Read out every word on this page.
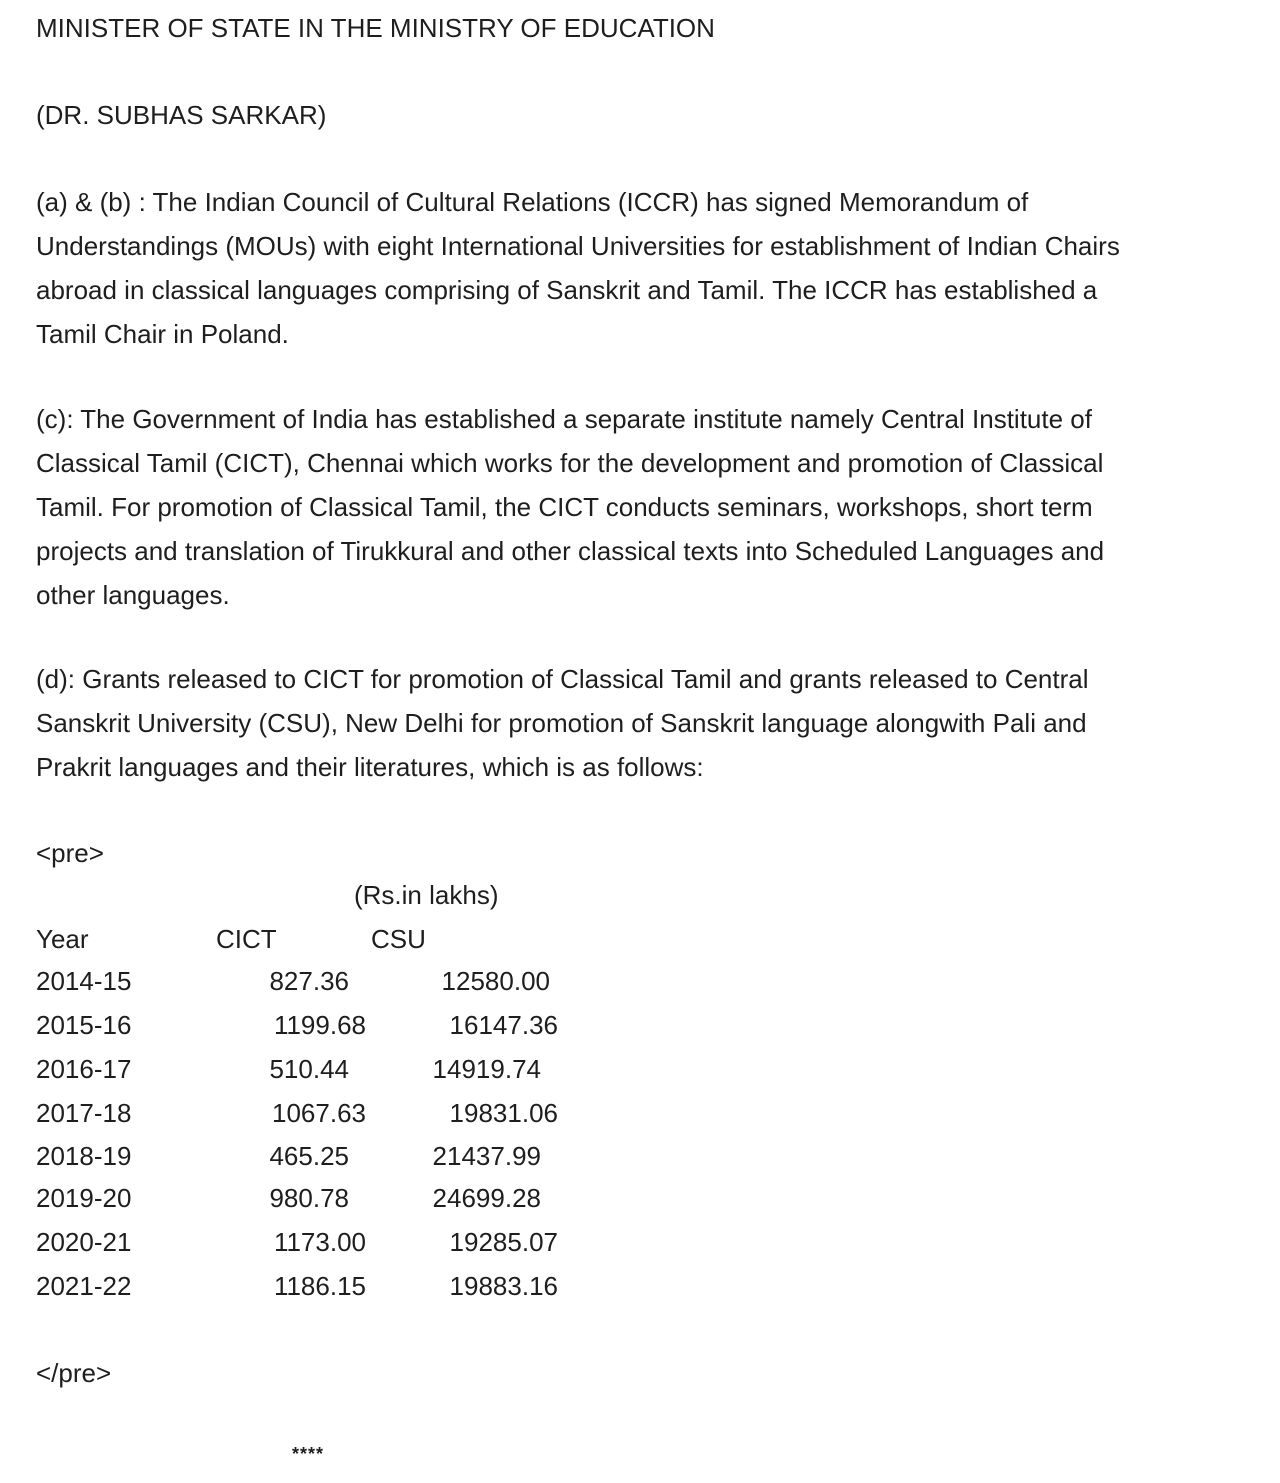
MINISTER OF STATE IN THE MINISTRY OF EDUCATION
(DR. SUBHAS SARKAR)
(a) & (b) : The Indian Council of Cultural Relations (ICCR) has signed Memorandum of
Understandings (MOUs) with eight International Universities for establishment of Indian Chairs
abroad in classical languages comprising of Sanskrit and Tamil. The ICCR has established a
Tamil Chair in Poland.
(c): The Government of India has established a separate institute namely Central Institute of
Classical Tamil (CICT), Chennai which works for the development and promotion of Classical
Tamil. For promotion of Classical Tamil, the CICT conducts seminars, workshops, short term
projects and translation of Tirukkural and other classical texts into Scheduled Languages and
other languages.
(d): Grants released to CICT for promotion of Classical Tamil and grants released to Central
Sanskrit University (CSU), New Delhi for promotion of Sanskrit language alongwith Pali and
Prakrit languages and their literatures, which is as follows:
<pre>
(Rs.in lakhs)
Year	CICT	CSU
2014-15	827.36	12580.00
2015-16	1199.68	16147.36
2016-17	510.44	14919.74
2017-18	1067.63	19831.06
2018-19	465.25	21437.99
2019-20	980.78	24699.28
2020-21	1173.00	19285.07
2021-22	1186.15	19883.16
</pre>
****
